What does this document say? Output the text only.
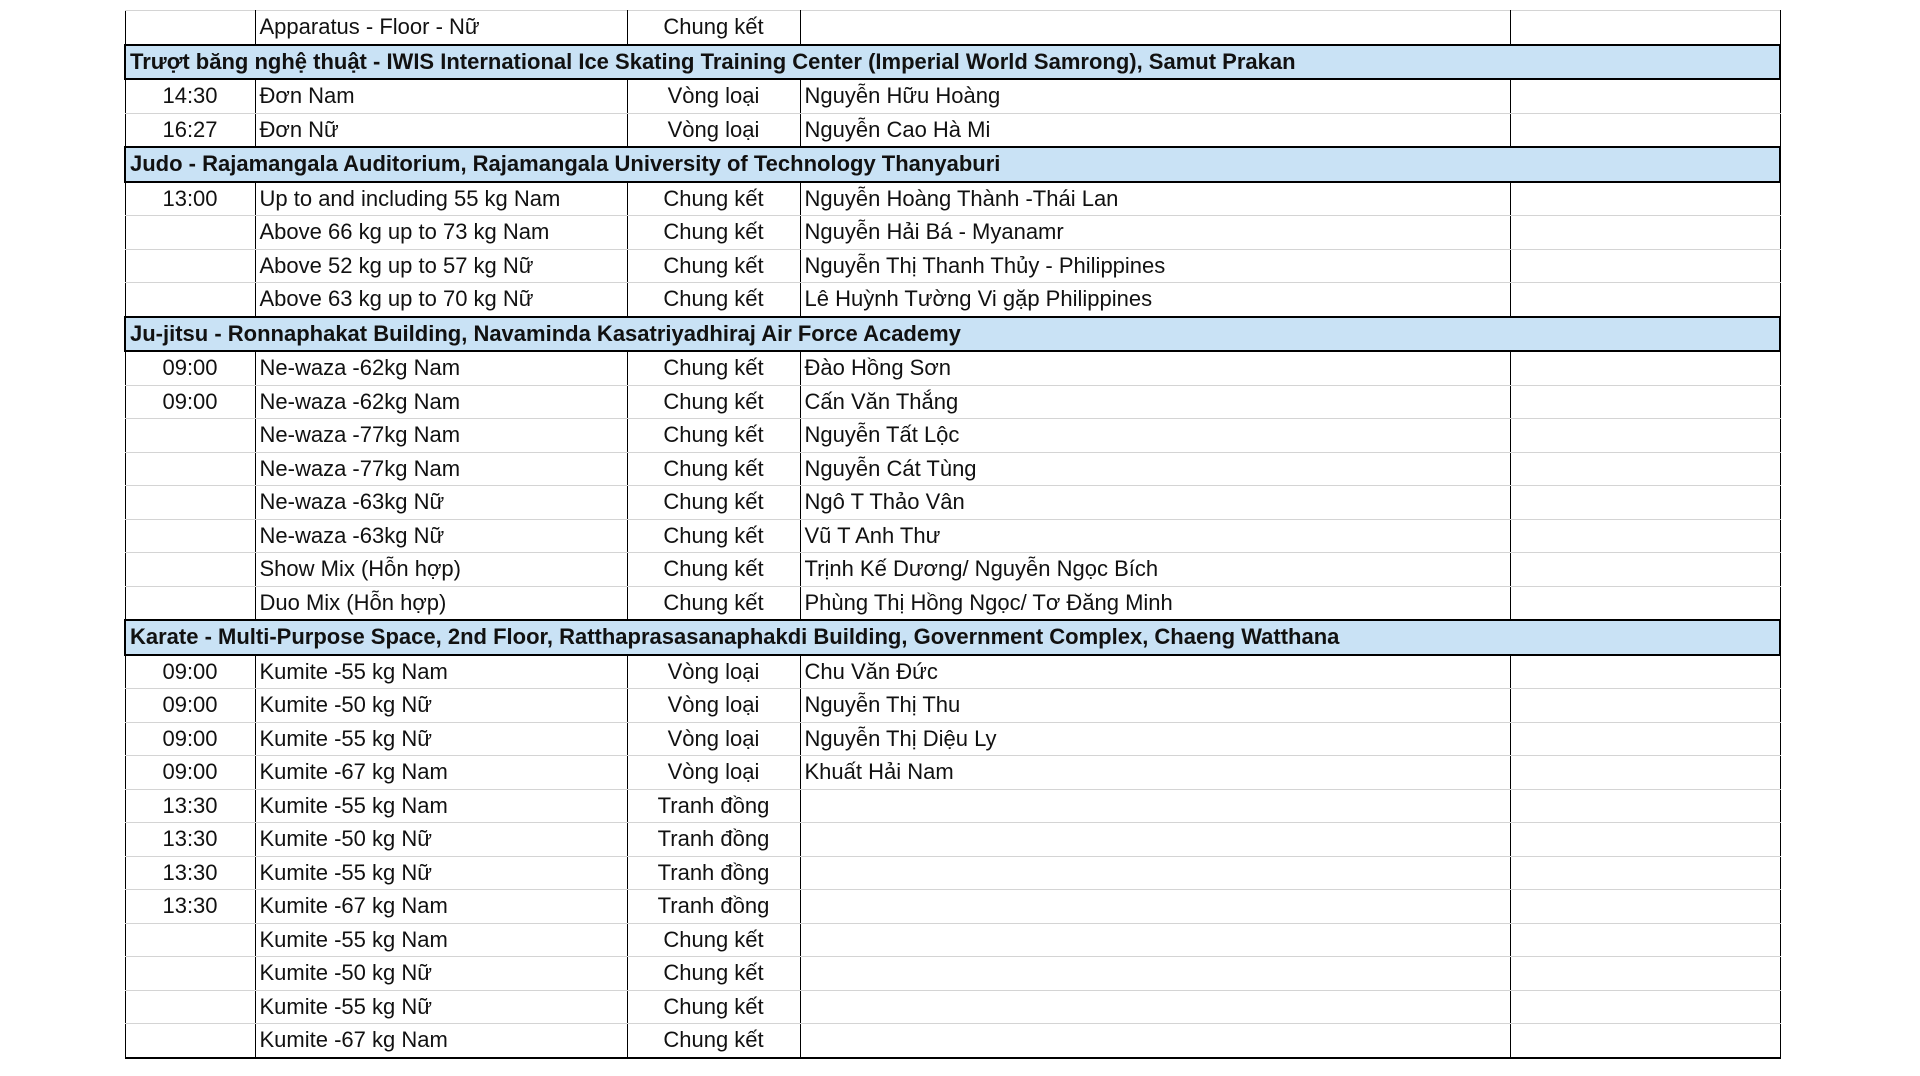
	Apparatus - Floor - Nữ	Chung kết		
Trượt băng nghệ thuật - IWIS International Ice Skating Training Center (Imperial World Samrong), Samut Prakan				
14:30	Đơn Nam	Vòng loại	Nguyễn Hữu Hoàng	
16:27	Đơn Nữ	Vòng loại	Nguyễn Cao Hà Mi	
Judo - Rajamangala Auditorium, Rajamangala University of Technology Thanyaburi				
13:00	Up to and including 55 kg Nam	Chung kết	Nguyễn Hoàng Thành -Thái Lan	
	Above 66 kg up to 73 kg Nam	Chung kết	Nguyễn Hải Bá - Myanamr	
	Above 52 kg up to 57 kg Nữ	Chung kết	Nguyễn Thị Thanh Thủy - Philippines	
	Above 63 kg up to 70 kg Nữ	Chung kết	Lê Huỳnh Tường Vi gặp Philippines	
Ju-jitsu - Ronnaphakat Building, Navaminda Kasatriyadhiraj Air Force Academy				
09:00	Ne-waza -62kg Nam	Chung kết	Đào Hồng Sơn	
09:00	Ne-waza -62kg Nam	Chung kết	Cấn Văn Thắng	
	Ne-waza -77kg Nam	Chung kết	Nguyễn Tất Lộc	
	Ne-waza -77kg Nam	Chung kết	Nguyễn Cát Tùng	
	Ne-waza -63kg Nữ	Chung kết	Ngô T Thảo Vân	
	Ne-waza -63kg Nữ	Chung kết	Vũ T Anh Thư	
	Show Mix (Hỗn hợp)	Chung kết	Trịnh Kế Dương/ Nguyễn Ngọc Bích	
	Duo Mix (Hỗn hợp)	Chung kết	Phùng Thị Hồng Ngọc/ Tơ Đăng Minh	
Karate - Multi-Purpose Space, 2nd Floor, Ratthaprasasanaphakdi Building, Government Complex, Chaeng Watthana				
09:00	Kumite -55 kg Nam	Vòng loại	Chu Văn Đức	
09:00	Kumite -50 kg Nữ	Vòng loại	Nguyễn Thị Thu	
09:00	Kumite -55 kg Nữ	Vòng loại	Nguyễn Thị Diệu Ly	
09:00	Kumite -67 kg Nam	Vòng loại	Khuất Hải Nam	
13:30	Kumite -55 kg Nam	Tranh đồng		
13:30	Kumite -50 kg Nữ	Tranh đồng		
13:30	Kumite -55 kg Nữ	Tranh đồng		
13:30	Kumite -67 kg Nam	Tranh đồng		
	Kumite -55 kg Nam	Chung kết		
	Kumite -50 kg Nữ	Chung kết		
	Kumite -55 kg Nữ	Chung kết		
	Kumite -67 kg Nam	Chung kết		
